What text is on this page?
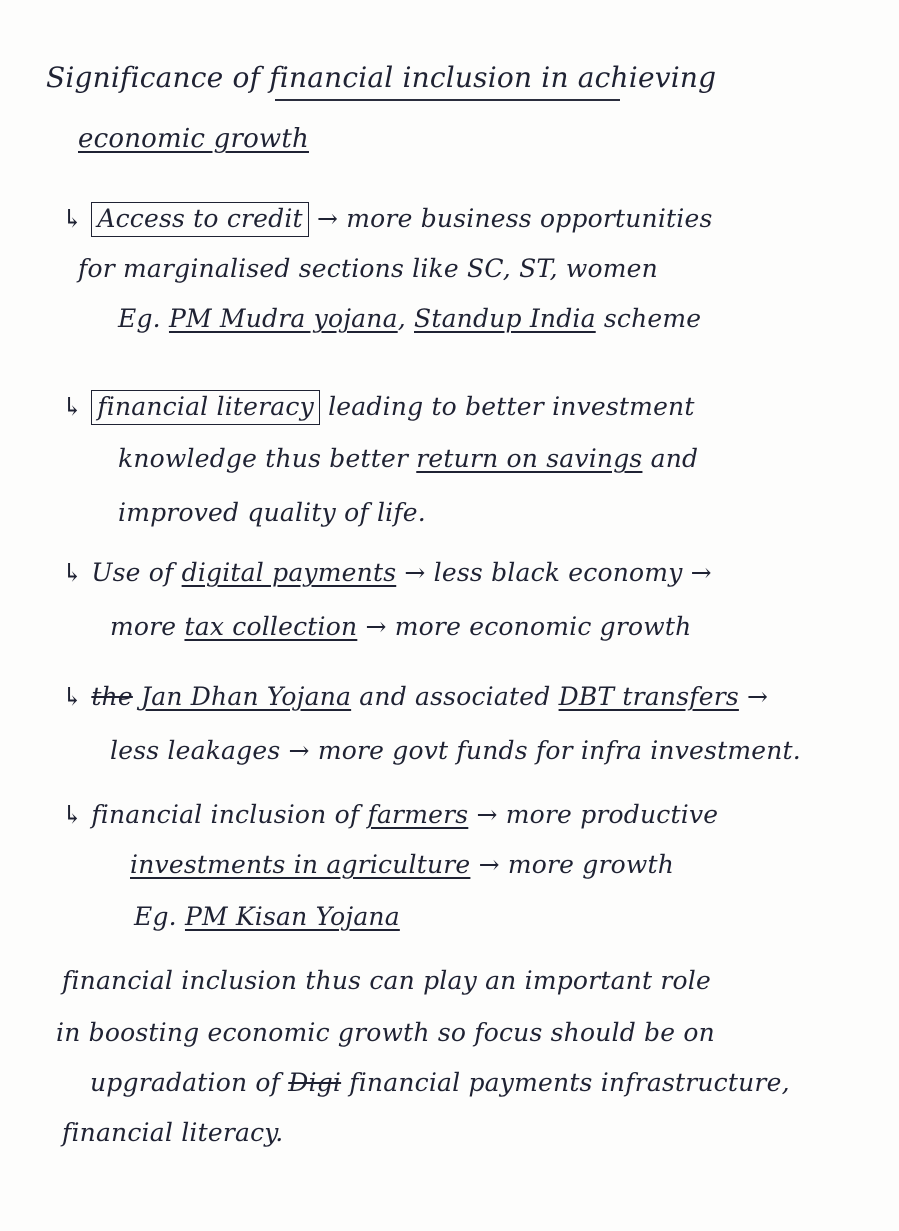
Significance of financial inclusion in achieving
economic growth
↳ Access to credit → more business opportunities
for marginalised sections like SC, ST, women
Eg. PM Mudra yojana, Standup India scheme
↳ financial literacy leading to better investment
knowledge thus better return on savings and
improved quality of life.
↳ Use of digital payments → less black economy →
more tax collection → more economic growth
↳ the Jan Dhan Yojana and associated DBT transfers →
less leakages → more govt funds for infra investment.
↳ financial inclusion of farmers → more productive
investments in agriculture → more growth
Eg. PM Kisan Yojana
financial inclusion thus can play an important role
in boosting economic growth so focus should be on
upgradation of Digi financial payments infrastructure,
financial literacy.
